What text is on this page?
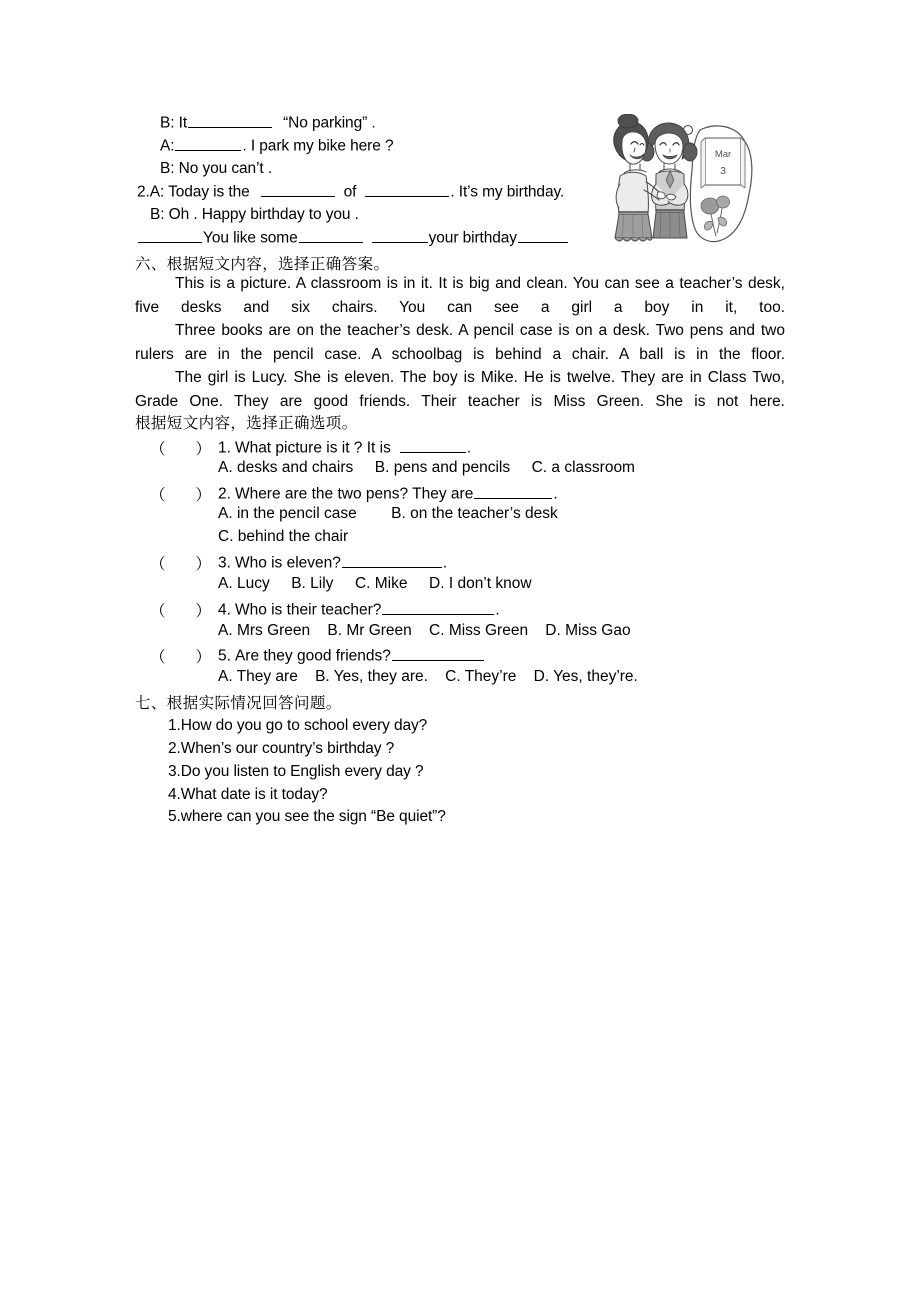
B: It	“No parking” .
A:	. I park my bike here ?
B: No you can’t .
2.A: Today is the	of	. It’s my birthday.
B: Oh . Happy birthday to you .
You like some	your birthday
Mar
3
六、根据短文内容，选择正确答案。

This is a picture. A classroom is in it. It is big and clean. You can see a teacher’s desk, five desks and six chairs. You can see a girl a boy in it, too.

Three books are on the teacher’s desk. A pencil case is on a desk. Two pens and two rulers are in the pencil case. A schoolbag is behind a chair. A ball is in the floor.

The girl is Lucy. She is eleven. The boy is Mike. He is twelve. They are in Class Two, Grade One. They are good friends. Their teacher is Miss Green. She is not here.

根据短文内容，选择正确选项。
（ ） 1. What picture is it ? It is	.
A. desks and chairs     B. pens and pencils     C. a classroom
（ ） 2. Where are the two pens? They are	.
A. in the pencil case        B. on the teacher’s desk
C. behind the chair
（ ） 3. Who is eleven?	.
A. Lucy     B. Lily     C. Mike     D. I don’t know
（ ） 4. Who is their teacher?	.
A. Mrs Green    B. Mr Green    C. Miss Green    D. Miss Gao
（ ） 5. Are they good friends?
A. They are    B. Yes, they are.    C. They’re    D. Yes, they’re.
七、根据实际情况回答问题。
1.How do you go to school every day?
2.When’s our country’s birthday ?
3.Do you listen to English every day ?
4.What date is it today?
5.where can you see the sign “Be quiet”?
